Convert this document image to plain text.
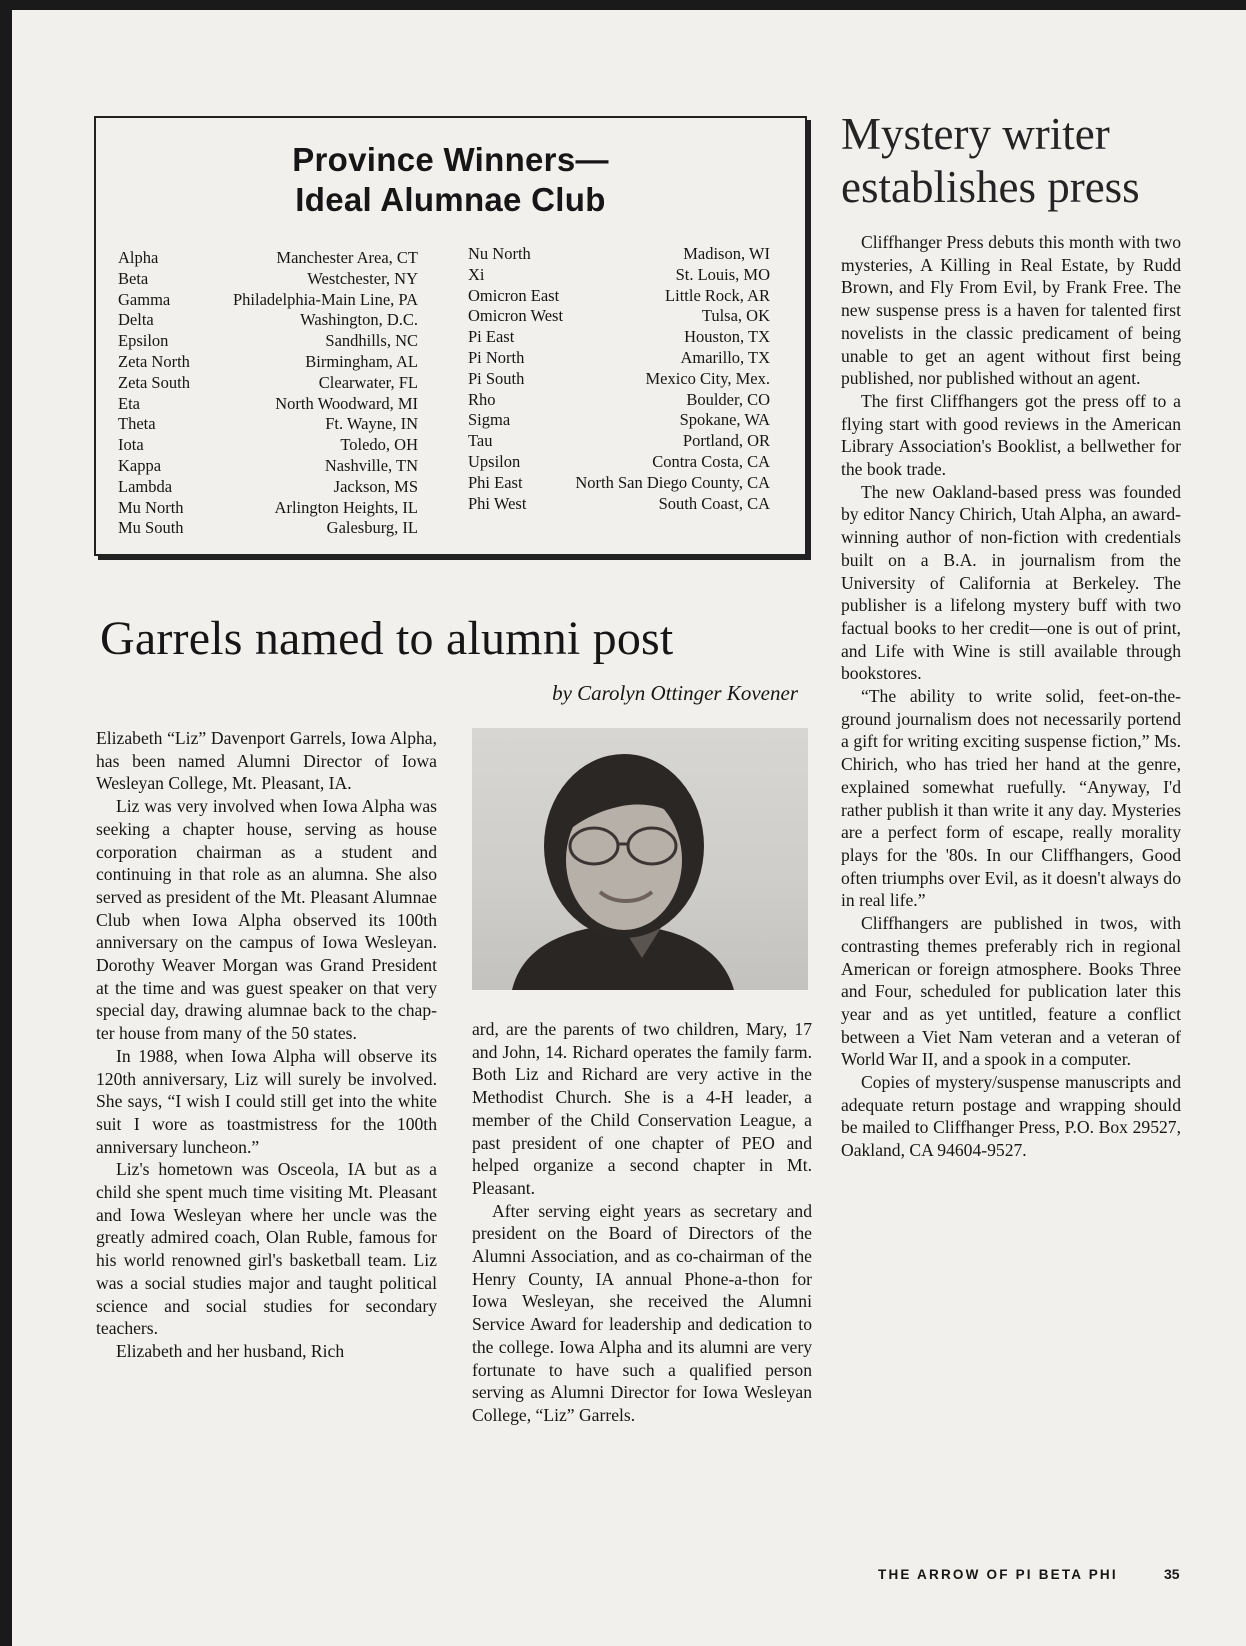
Province Winners—
Ideal Alumnae Club
Alpha	Manchester Area, CT
Beta	Westchester, NY
Gamma	Philadelphia-Main Line, PA
Delta	Washington, D.C.
Epsilon	Sandhills, NC
Zeta North	Birmingham, AL
Zeta South	Clearwater, FL
Eta	North Woodward, MI
Theta	Ft. Wayne, IN
Iota	Toledo, OH
Kappa	Nashville, TN
Lambda	Jackson, MS
Mu North	Arlington Heights, IL
Mu South	Galesburg, IL
Nu North	Madison, WI
Xi	St. Louis, MO
Omicron East	Little Rock, AR
Omicron West	Tulsa, OK
Pi East	Houston, TX
Pi North	Amarillo, TX
Pi South	Mexico City, Mex.
Rho	Boulder, CO
Sigma	Spokane, WA
Tau	Portland, OR
Upsilon	Contra Costa, CA
Phi East	North San Diego County, CA
Phi West	South Coast, CA
Garrels named to alumni post
by Carolyn Ottinger Kovener

Elizabeth “Liz” Davenport Garrels, Iowa Alpha, has been named Alumni Director of Iowa Wesleyan College, Mt. Pleasant, IA.

Liz was very involved when Iowa Alpha was seeking a chapter house, serving as house corporation chairman as a student and continuing in that role as an alumna. She also served as president of the Mt. Pleasant Alumnae Club when Iowa Alpha observed its 100th anniversary on the campus of Iowa Wesleyan. Dorothy Weaver Morgan was Grand President at the time and was guest speaker on that very special day, drawing alumnae back to the chapter house from many of the 50 states.

In 1988, when Iowa Alpha will observe its 120th anniversary, Liz will surely be involved. She says, “I wish I could still get into the white suit I wore as toastmistress for the 100th anniversary luncheon.”

Liz's hometown was Osceola, IA but as a child she spent much time visiting Mt. Pleasant and Iowa Wesleyan where her uncle was the greatly admired coach, Olan Ruble, famous for his world renowned girl's basketball team. Liz was a social studies major and taught political science and social studies for secondary teachers.

Elizabeth and her husband, Rich

ard, are the parents of two children, Mary, 17 and John, 14. Richard operates the family farm. Both Liz and Richard are very active in the Methodist Church. She is a 4-H leader, a member of the Child Conservation League, a past president of one chapter of PEO and helped organize a second chapter in Mt. Pleasant.

After serving eight years as secretary and president on the Board of Directors of the Alumni Association, and as co-chairman of the Henry County, IA annual Phone-a-thon for Iowa Wesleyan, she received the Alumni Service Award for leadership and dedication to the college. Iowa Alpha and its alumni are very fortunate to have such a qualified person serving as Alumni Director for Iowa Wesleyan College, “Liz” Garrels.

Mystery writer
establishes press

Cliffhanger Press debuts this month with two mysteries, A Killing in Real Estate, by Rudd Brown, and Fly From Evil, by Frank Free. The new suspense press is a haven for talented first novelists in the classic predicament of being unable to get an agent without first being published, nor published without an agent.

The first Cliffhangers got the press off to a flying start with good reviews in the American Library Association's Booklist, a bellwether for the book trade.

The new Oakland-based press was founded by editor Nancy Chirich, Utah Alpha, an award-winning author of non-fiction with credentials built on a B.A. in journalism from the University of California at Berkeley. The publisher is a lifelong mystery buff with two factual books to her credit—one is out of print, and Life with Wine is still available through bookstores.

“The ability to write solid, feet-on-the-ground journalism does not necessarily portend a gift for writing exciting suspense fiction,” Ms. Chirich, who has tried her hand at the genre, explained somewhat ruefully. “Anyway, I'd rather publish it than write it any day. Mysteries are a perfect form of escape, really morality plays for the '80s. In our Cliffhangers, Good often triumphs over Evil, as it doesn't always do in real life.”

Cliffhangers are published in twos, with contrasting themes preferably rich in regional American or foreign atmosphere. Books Three and Four, scheduled for publication later this year and as yet untitled, feature a conflict between a Viet Nam veteran and a veteran of World War II, and a spook in a computer.

Copies of mystery/suspense manuscripts and adequate return postage and wrapping should be mailed to Cliffhanger Press, P.O. Box 29527, Oakland, CA 94604-9527.

THE ARROW OF PI BETA PHI	35
